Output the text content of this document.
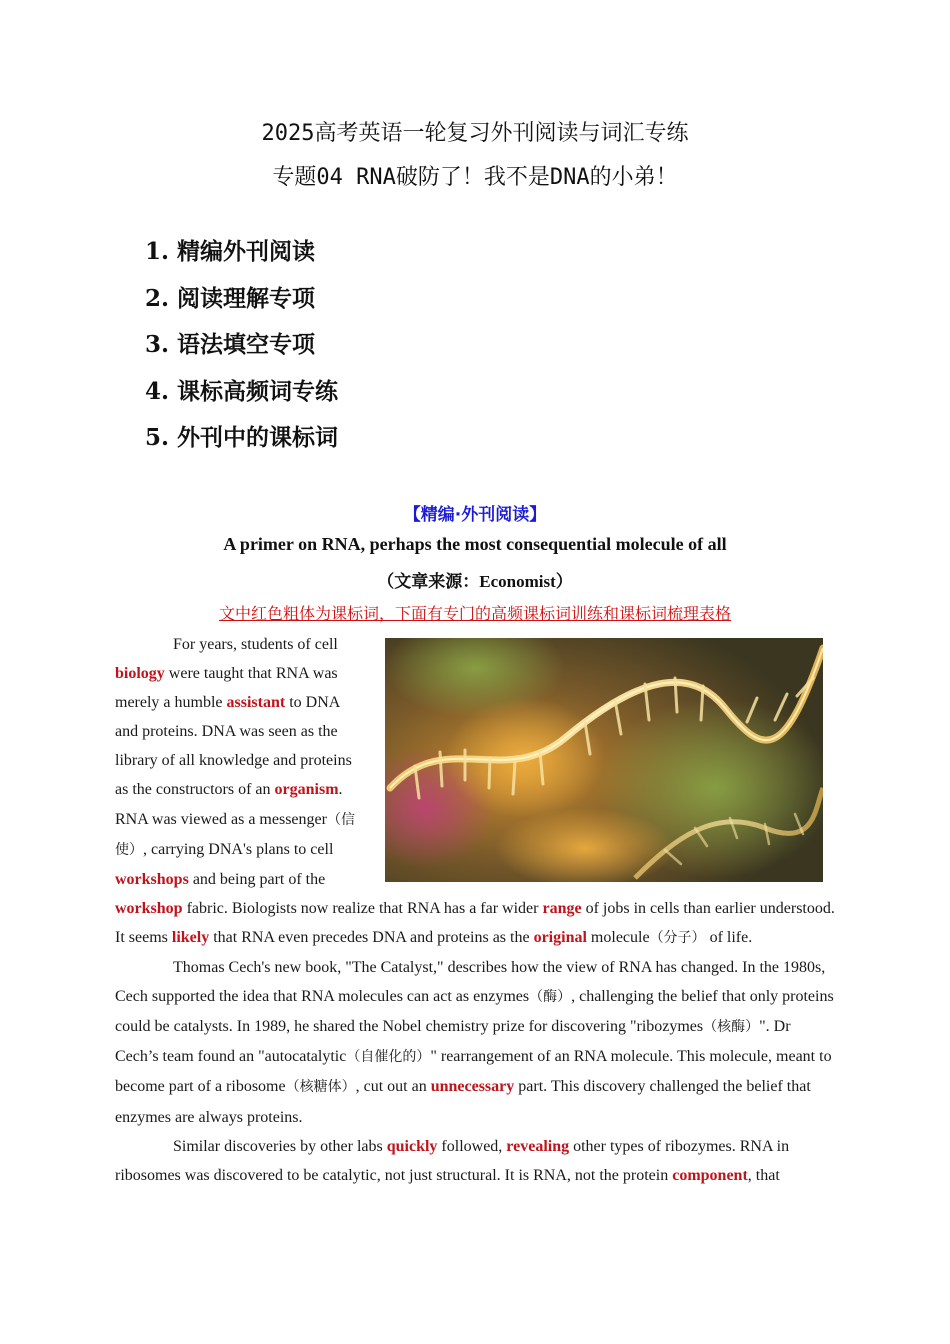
2025高考英语一轮复习外刊阅读与词汇专练
专题04 RNA破防了！我不是DNA的小弟！
1. 精编外刊阅读
2. 阅读理解专项
3. 语法填空专项
4. 课标高频词专练
5. 外刊中的课标词
【精编·外刊阅读】
A primer on RNA, perhaps the most consequential molecule of all
（文章来源：Economist）
文中红色粗体为课标词，下面有专门的高频课标词训练和课标词梳理表格

For years, students of cell biology were taught that RNA was merely a humble assistant to DNA and proteins. DNA was seen as the library of all knowledge and proteins as the constructors of an organism. RNA was viewed as a messenger（信使）, carrying DNA's plans to cell workshops and being part of the workshop fabric. Biologists now realize that RNA has a far wider range of jobs in cells than earlier understood. It seems likely that RNA even precedes DNA and proteins as the original molecule（分子） of life.

Thomas Cech's new book, "The Catalyst," describes how the view of RNA has changed. In the 1980s, Cech supported the idea that RNA molecules can act as enzymes（酶）, challenging the belief that only proteins could be catalysts. In 1989, he shared the Nobel chemistry prize for discovering "ribozymes（核酶）". Dr Cech’s team found an "autocatalytic（自催化的）" rearrangement of an RNA molecule. This molecule, meant to become part of a ribosome（核糖体）, cut out an unnecessary part. This discovery challenged the belief that enzymes are always proteins.

Similar discoveries by other labs quickly followed, revealing other types of ribozymes. RNA in ribosomes was discovered to be catalytic, not just structural. It is RNA, not the protein component, that
